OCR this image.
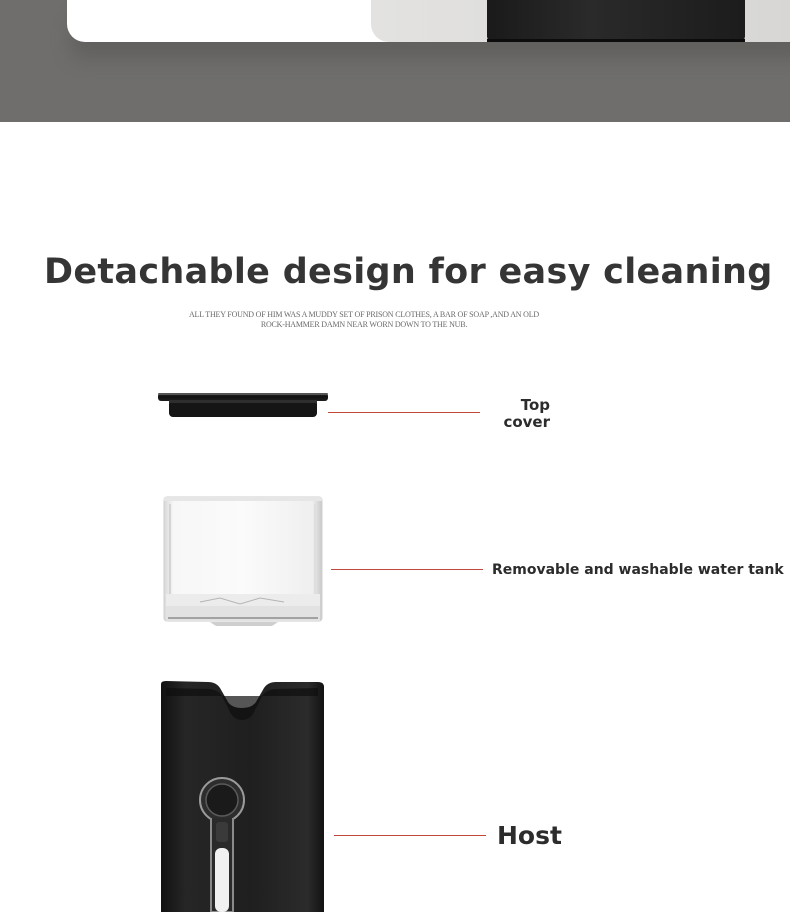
Detachable design for easy cleaning
ALL THEY FOUND OF HIM WAS A MUDDY SET OF PRISON CLOTHES, A BAR OF SOAP ,AND AN OLD
ROCK-HAMMER DAMN NEAR WORN DOWN TO THE NUB.
Top
cover
Removable and washable water tank
Host
